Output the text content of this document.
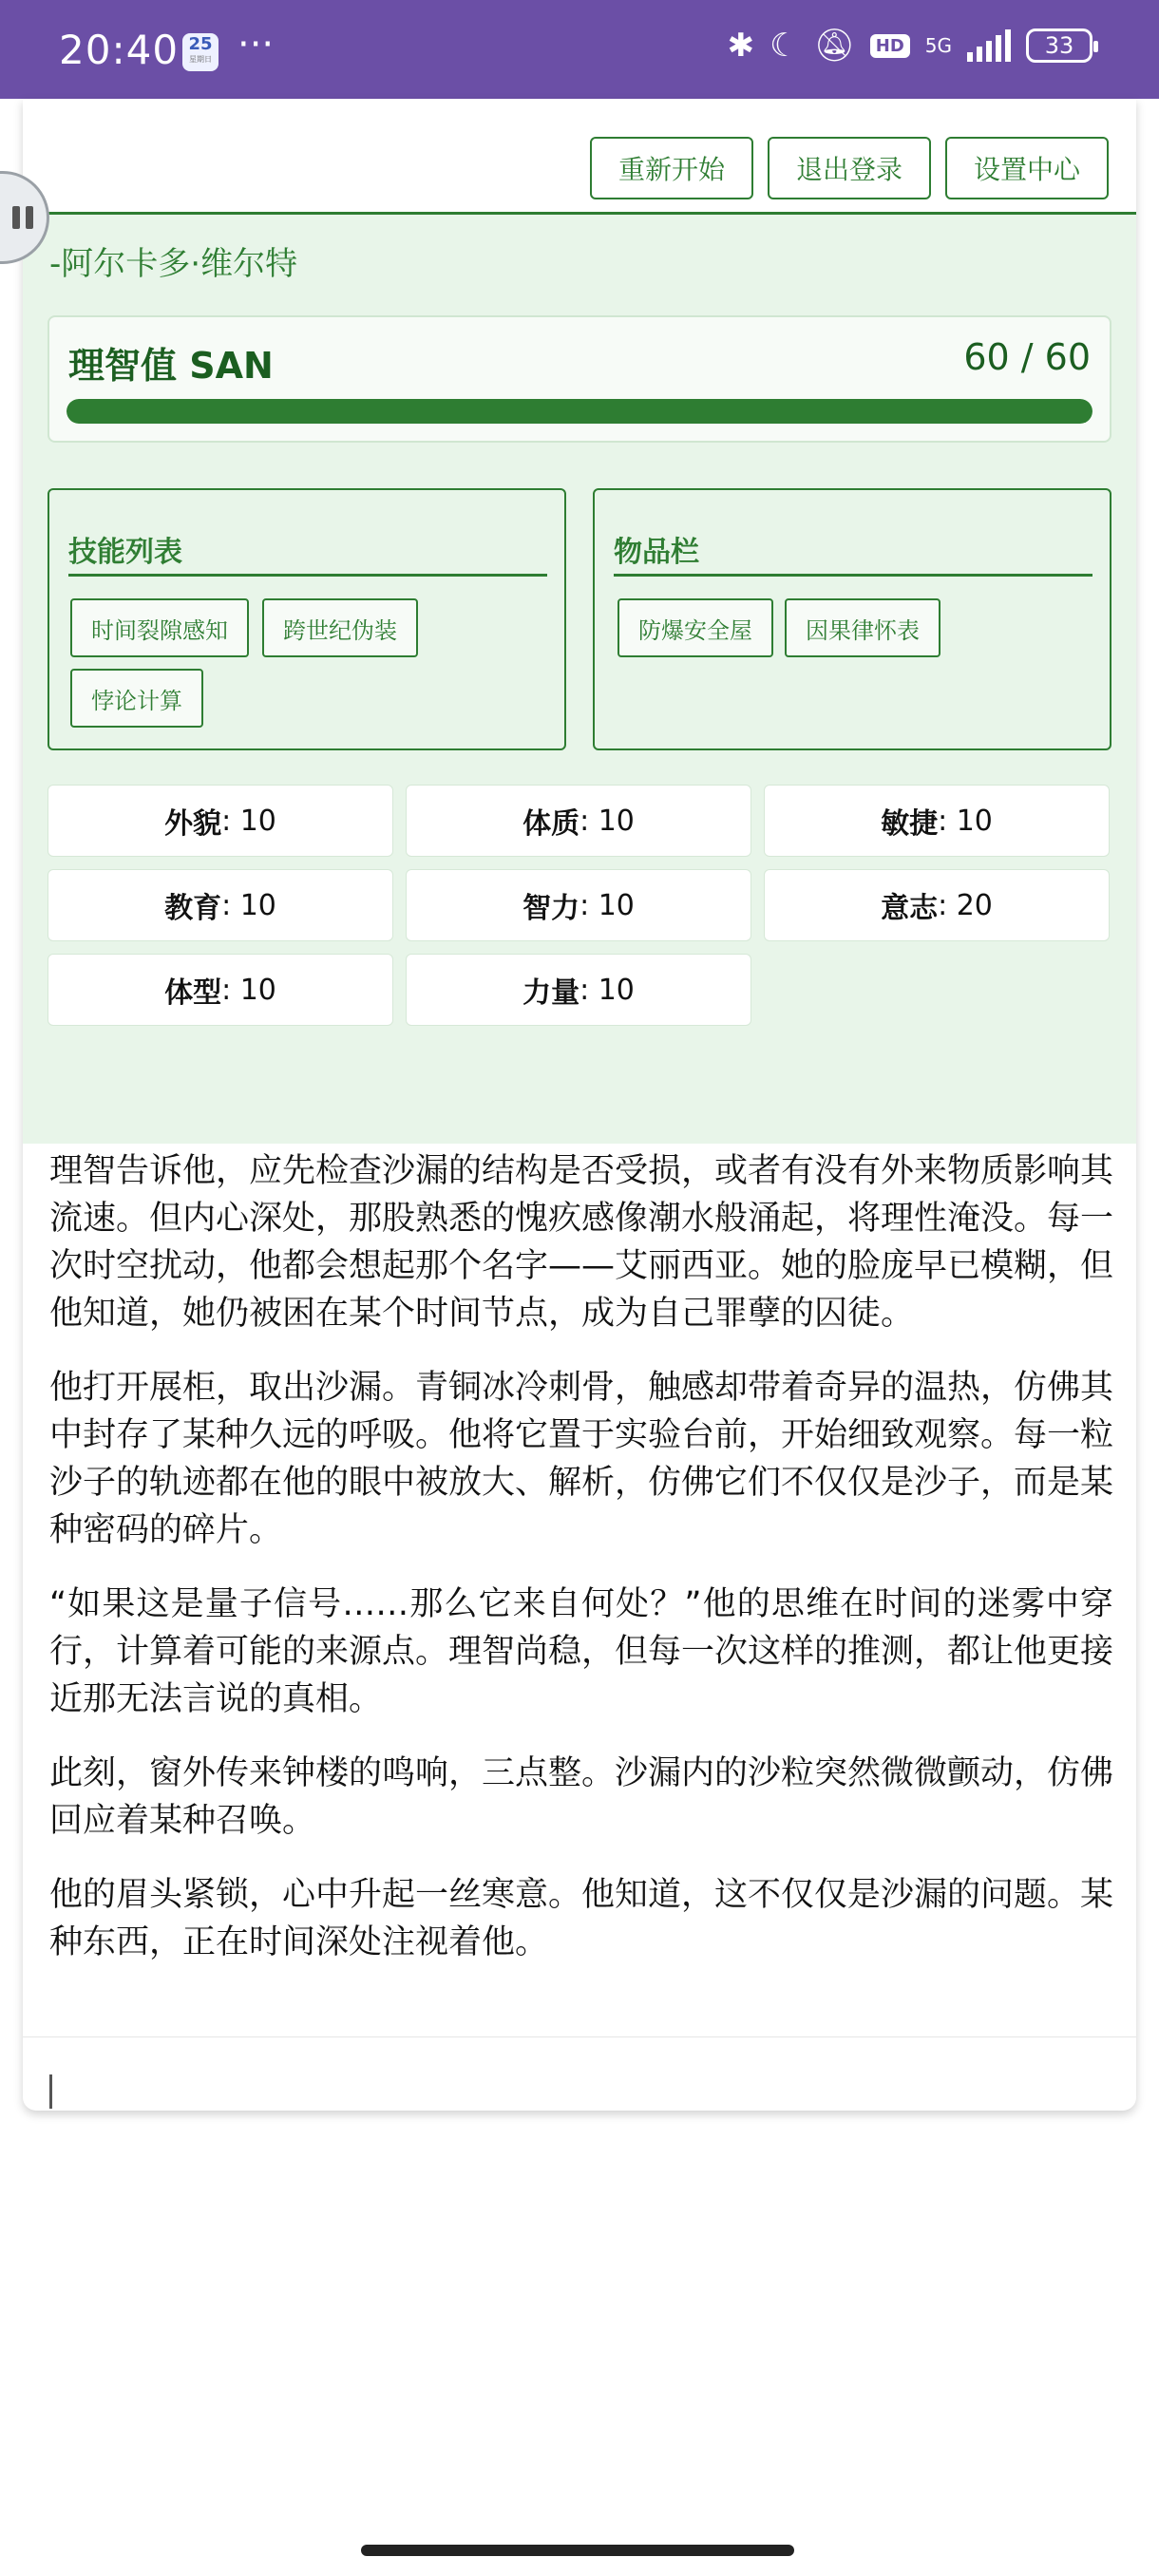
20:40 25
星期日 ···	✱ ☾ 🔕︎	HD	5G	33
重新开始	退出登录	设置中心
-阿尔卡多·维尔特
理智值 SAN	60 / 60
技能列表
时间裂隙感知	跨世纪伪装
悖论计算
物品栏
防爆安全屋	因果律怀表
外貌 : 10	体质 : 10	敏捷 : 10
教育 : 10	智力 : 10	意志 : 20
体型 : 10	力量 : 10

理智告诉他，应先检查沙漏的结构是否受损，或者有没有外来物质影响其流速。但内心深处，那股熟悉的愧疚感像潮水般涌起，将理性淹没。每一次时空扰动，他都会想起那个名字——艾丽西亚。她的脸庞早已模糊，但他知道，她仍被困在某个时间节点，成为自己罪孽的囚徒。

他打开展柜，取出沙漏。青铜冰冷刺骨，触感却带着奇异的温热，仿佛其中封存了某种久远的呼吸。他将它置于实验台前，开始细致观察。每一粒沙子的轨迹都在他的眼中被放大、解析，仿佛它们不仅仅是沙子，而是某种密码的碎片。

“如果这是量子信号……那么它来自何处？”他的思维在时间的迷雾中穿行，计算着可能的来源点。理智尚稳，但每一次这样的推测，都让他更接近那无法言说的真相。

此刻，窗外传来钟楼的鸣响，三点整。沙漏内的沙粒突然微微颤动，仿佛回应着某种召唤。

他的眉头紧锁，心中升起一丝寒意。他知道，这不仅仅是沙漏的问题。某种东西，正在时间深处注视着他。
